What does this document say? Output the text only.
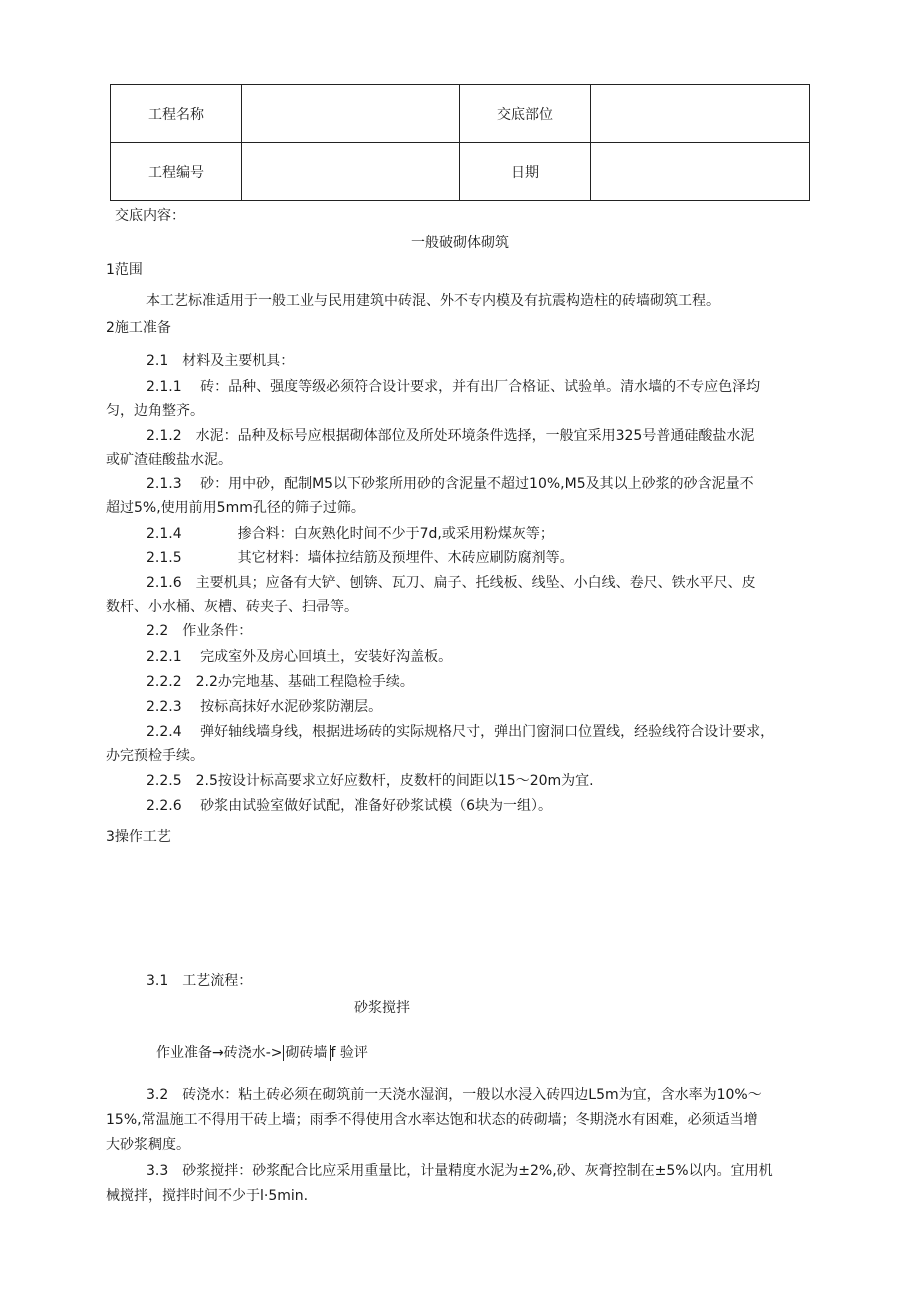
工程名称		交底部位	
工程编号		日期	
交底内容：
一般破砌体砌筑
1范围
本工艺标准适用于一般工业与民用建筑中砖混、外不专内模及有抗震构造柱的砖墙砌筑工程。
2施工准备
2.1　材料及主要机具：
2.1.1　 砖：品种、强度等级必须符合设计要求，并有出厂合格证、试验单。清水墙的不专应色泽均
匀，边角整齐。
2.1.2　水泥：品种及标号应根据砌体部位及所处环境条件选择，一般宜采用325号普通硅酸盐水泥
或矿渣硅酸盐水泥。
2.1.3　 砂：用中砂，配制M5以下砂浆所用砂的含泥量不超过10%,M5及其以上砂浆的砂含泥量不
超过5%,使用前用5mm孔径的筛子过筛。
2.1.4　　　　掺合料：白灰熟化时间不少于7d,或采用粉煤灰等；
2.1.5　　　　其它材料：墙体拉结筋及预埋件、木砖应刷防腐剂等。
2.1.6　主要机具；应备有大铲、刨锛、瓦刀、扁子、托线板、线坠、小白线、卷尺、铁水平尺、皮
数杆、小水桶、灰槽、砖夹子、扫帚等。
2.2　作业条件：
2.2.1　 完成室外及房心回填土，安装好沟盖板。
2.2.2　2.2办完地基、基础工程隐检手续。
2.2.3　 按标高抹好水泥砂浆防潮层。
2.2.4　 弹好轴线墙身线，根据进场砖的实际规格尺寸，弹出门窗洞口位置线，经验线符合设计要求，
办完预检手续。
2.2.5　2.5按设计标高要求立好应数杆，皮数杆的间距以15～20m为宜.
2.2.6　 砂浆由试验室做好试配，准备好砂浆试模（6块为一组）。
3操作工艺
3.1　工艺流程：
砂浆搅拌
作业准备→砖浇水-> 砌砖墙 f 验评
3.2　砖浇水：粘土砖必须在砌筑前一天浇水湿润，一般以水浸入砖四边L5m为宜，含水率为10%～
15%,常温施工不得用干砖上墙；雨季不得使用含水率达饱和状态的砖砌墙；冬期浇水有困难，必须适当增
大砂浆稠度。
3.3　砂浆搅拌：砂浆配合比应采用重量比，计量精度水泥为±2%,砂、灰膏控制在±5%以内。宜用机
械搅拌，搅拌时间不少于l·5min.
